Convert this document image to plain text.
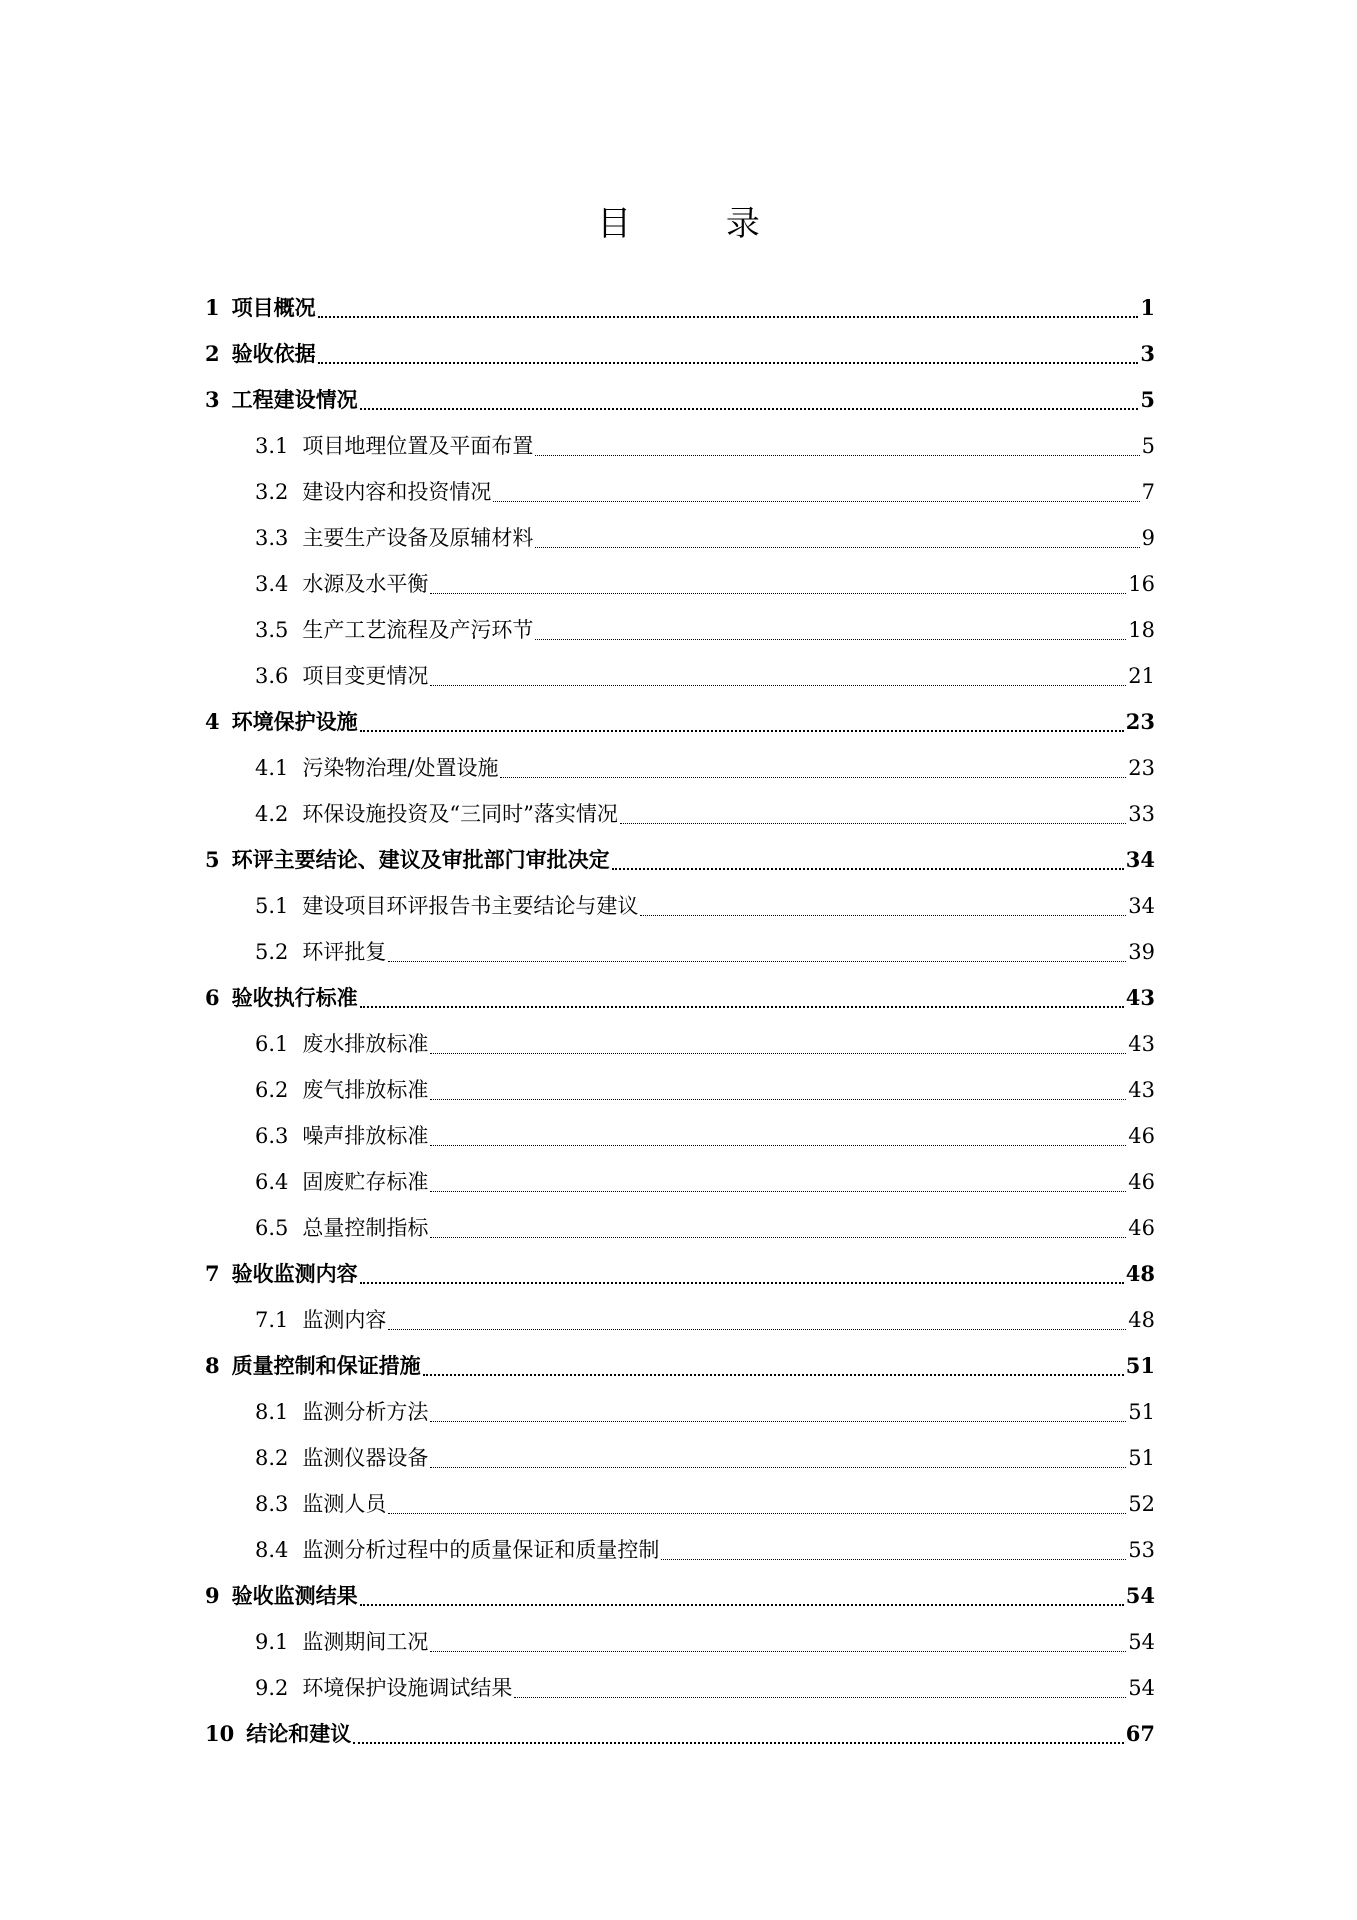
目 录
1 项目概况	1
2 验收依据	3
3 工程建设情况	5
3.1 项目地理位置及平面布置	5
3.2 建设内容和投资情况	7
3.3 主要生产设备及原辅材料	9
3.4 水源及水平衡	16
3.5 生产工艺流程及产污环节	18
3.6 项目变更情况	21
4 环境保护设施	23
4.1 污染物治理/处置设施	23
4.2 环保设施投资及“三同时”落实情况	33
5 环评主要结论、建议及审批部门审批决定	34
5.1 建设项目环评报告书主要结论与建议	34
5.2 环评批复	39
6 验收执行标准	43
6.1 废水排放标准	43
6.2 废气排放标准	43
6.3 噪声排放标准	46
6.4 固废贮存标准	46
6.5 总量控制指标	46
7 验收监测内容	48
7.1 监测内容	48
8 质量控制和保证措施	51
8.1 监测分析方法	51
8.2 监测仪器设备	51
8.3 监测人员	52
8.4 监测分析过程中的质量保证和质量控制	53
9 验收监测结果	54
9.1 监测期间工况	54
9.2 环境保护设施调试结果	54
10 结论和建议	67
